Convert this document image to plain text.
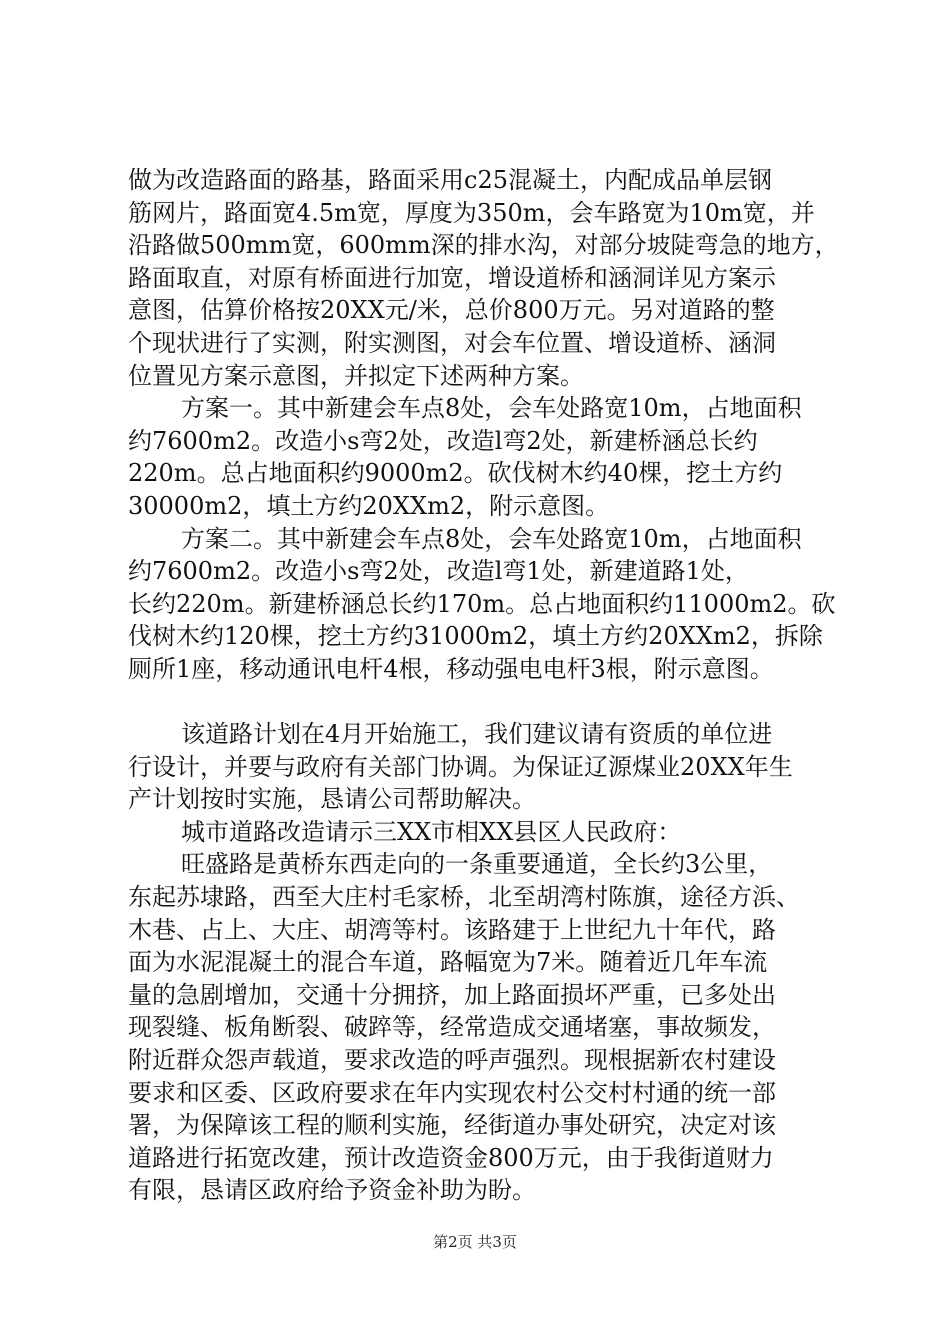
做为改造路面的路基，路面采用c25混凝土，内配成品单层钢
筋网片，路面宽4.5m宽，厚度为350m，会车路宽为10m宽，并
沿路做500mm宽，600mm深的排水沟，对部分坡陡弯急的地方，
路面取直，对原有桥面进行加宽，增设道桥和涵洞详见方案示
意图，估算价格按20XX元/米，总价800万元。另对道路的整
个现状进行了实测，附实测图，对会车位置、增设道桥、涵洞
位置见方案示意图，并拟定下述两种方案。
方案一。其中新建会车点8处，会车处路宽10m，占地面积
约7600m2。改造小s弯2处，改造l弯2处，新建桥涵总长约
220m。总占地面积约9000m2。砍伐树木约40棵，挖土方约
30000m2，填土方约20XXm2，附示意图。
方案二。其中新建会车点8处，会车处路宽10m，占地面积
约7600m2。改造小s弯2处，改造l弯1处，新建道路1处，
长约220m。新建桥涵总长约170m。总占地面积约11000m2。砍
伐树木约120棵，挖土方约31000m2，填土方约20XXm2，拆除
厕所1座，移动通讯电杆4根，移动强电电杆3根，附示意图。
该道路计划在4月开始施工，我们建议请有资质的单位进
行设计，并要与政府有关部门协调。为保证辽源煤业20XX年生
产计划按时实施，恳请公司帮助解决。
城市道路改造请示三XX市相XX县区人民政府：
旺盛路是黄桥东西走向的一条重要通道，全长约3公里，
东起苏埭路，西至大庄村毛家桥，北至胡湾村陈旗，途径方浜、
木巷、占上、大庄、胡湾等村。该路建于上世纪九十年代，路
面为水泥混凝土的混合车道，路幅宽为7米。随着近几年车流
量的急剧增加，交通十分拥挤，加上路面损坏严重，已多处出
现裂缝、板角断裂、破踤等，经常造成交通堵塞，事故频发，
附近群众怨声载道，要求改造的呼声强烈。现根据新农村建设
要求和区委、区政府要求在年内实现农村公交村村通的统一部
署，为保障该工程的顺利实施，经街道办事处研究，决定对该
道路进行拓宽改建，预计改造资金800万元，由于我街道财力
有限，恳请区政府给予资金补助为盼。
第2页 共3页
